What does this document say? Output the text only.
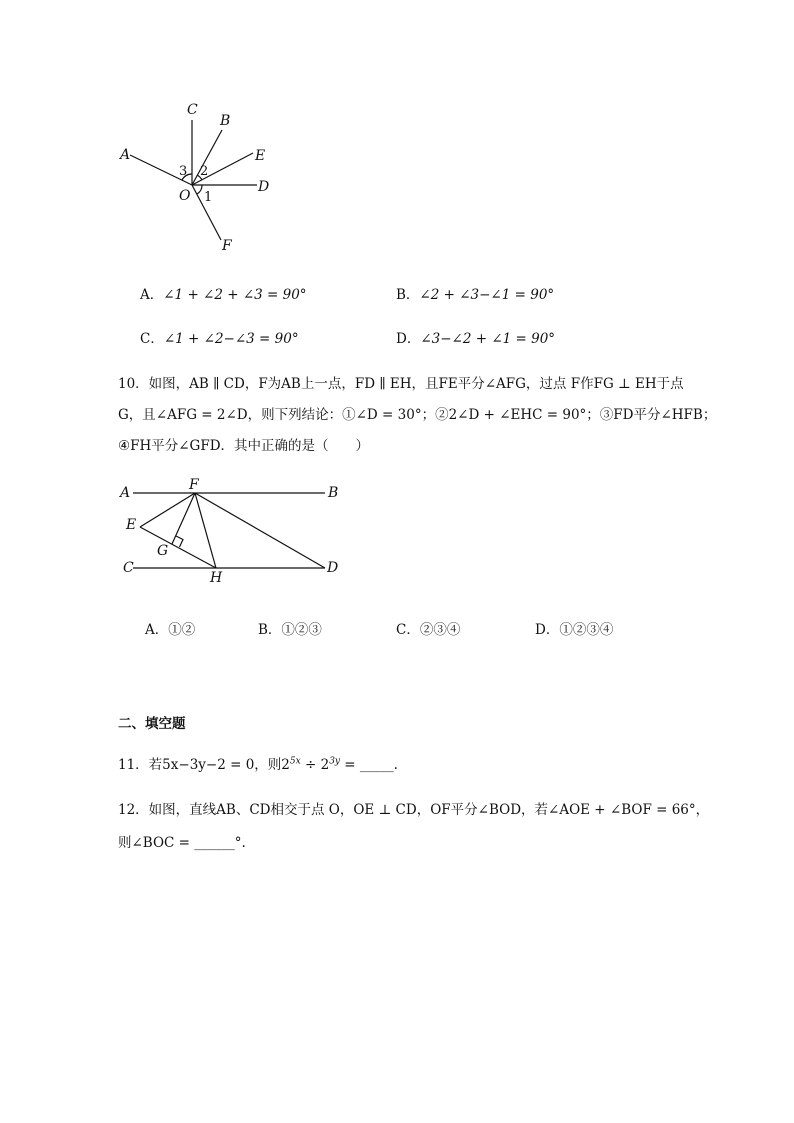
C
B
A	E
D
O
F
1
2
3
A．∠1 + ∠2 + ∠3 = 90°	B．∠2 + ∠3−∠1 = 90°
C．∠1 + ∠2−∠3 = 90°	D．∠3−∠2 + ∠1 = 90°
10．如图，AB ∥ CD，F为AB上一点，FD ∥ EH，且FE平分∠AFG，过点 F作FG ⊥ EH于点
G，且∠AFG = 2∠D，则下列结论：①∠D = 30°；②2∠D + ∠EHC = 90°；③FD平分∠HFB；
④FH平分∠GFD．其中正确的是（　　）
A	F	B
E
G
C
H
D
A．①②	B．①②③	C．②③④	D．①②③④
二、填空题
11．若5x−3y−2 = 0，则$2^{5x} \div 2^{3y}$ = _____.
12．如图，直线AB、CD相交于点 O，OE ⊥ CD，OF平分∠BOD，若∠AOE + ∠BOF = 66°，
则∠BOC = ______°.
